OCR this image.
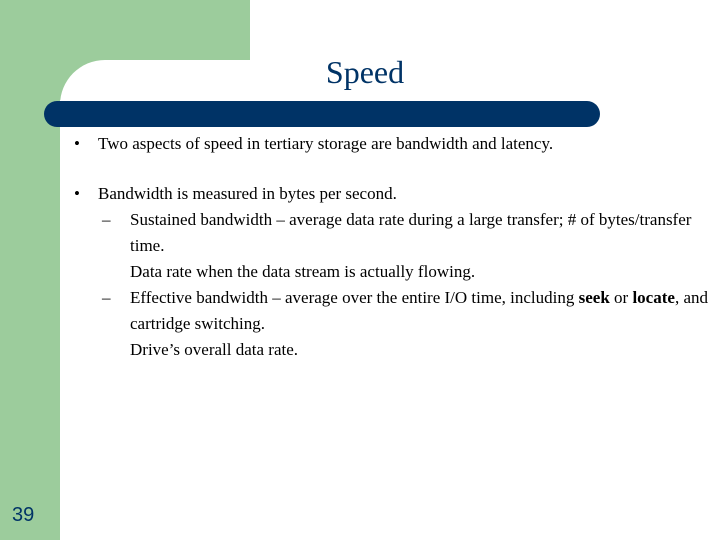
Speed
•	Two aspects of speed in tertiary storage are bandwidth and latency.
•	Bandwidth is measured in bytes per second.
–	Sustained bandwidth – average data rate during a large transfer; # of bytes/transfer time.
Data rate when the data stream is actually flowing.
–	Effective bandwidth – average over the entire I/O time, including seek or locate, and cartridge switching.
Drive’s overall data rate.
39
